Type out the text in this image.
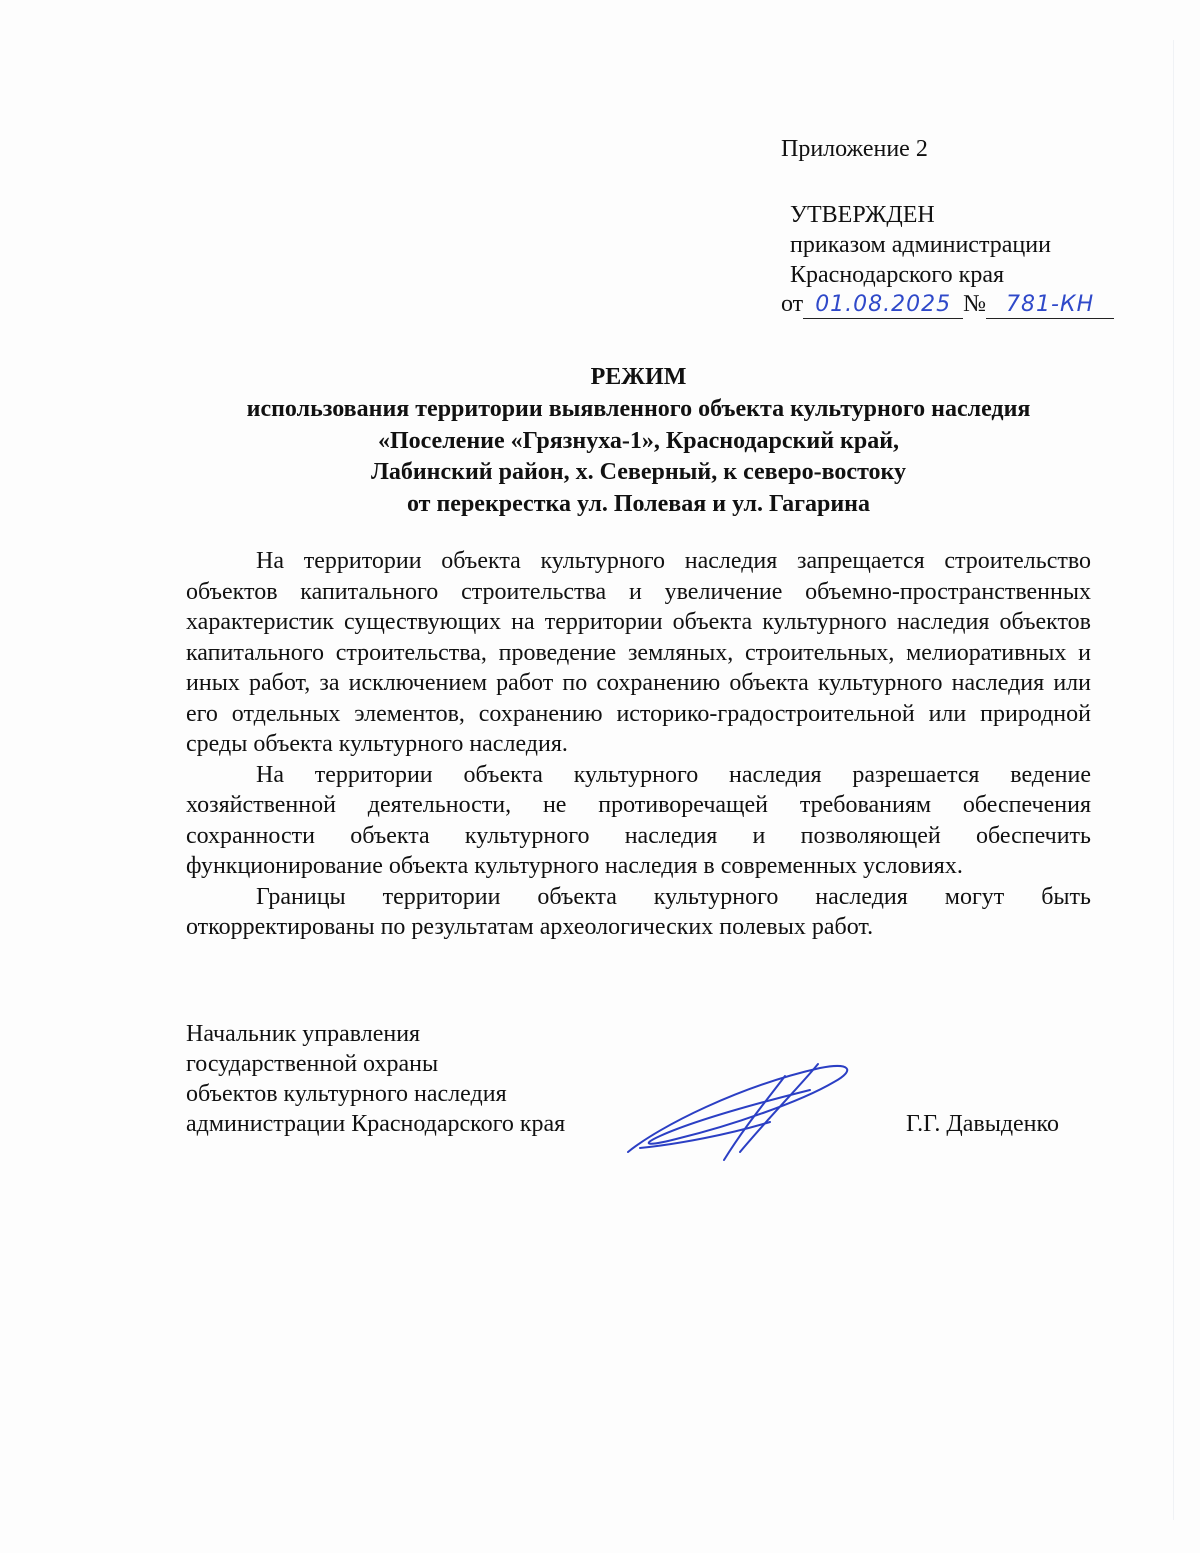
Приложение 2
УТВЕРЖДЕН
приказом администрации
Краснодарского края
от 01.08.2025 № 781-КН
РЕЖИМ
использования территории выявленного объекта культурного наследия
«Поселение «Грязнуха-1», Краснодарский край,
Лабинский район, х. Северный, к северо-востоку
от перекрестка ул. Полевая и ул. Гагарина

На территории объекта культурного наследия запрещается строительство объектов капитального строительства и увеличение объемно-пространственных характеристик существующих на территории объекта культурного наследия объектов капитального строительства, проведение земляных, строительных, мелиоративных и иных работ, за исключением работ по сохранению объекта культурного наследия или его отдельных элементов, сохранению историко-градостроительной или природной среды объекта культурного наследия.

На территории объекта культурного наследия разрешается ведение хозяйственной деятельности, не противоречащей требованиям обеспечения сохранности объекта культурного наследия и позволяющей обеспечить функционирование объекта культурного наследия в современных условиях.

Границы территории объекта культурного наследия могут быть откорректированы по результатам археологических полевых работ.

Начальник управления
государственной охраны
объектов культурного наследия
администрации Краснодарского края	Г.Г. Давыденко
